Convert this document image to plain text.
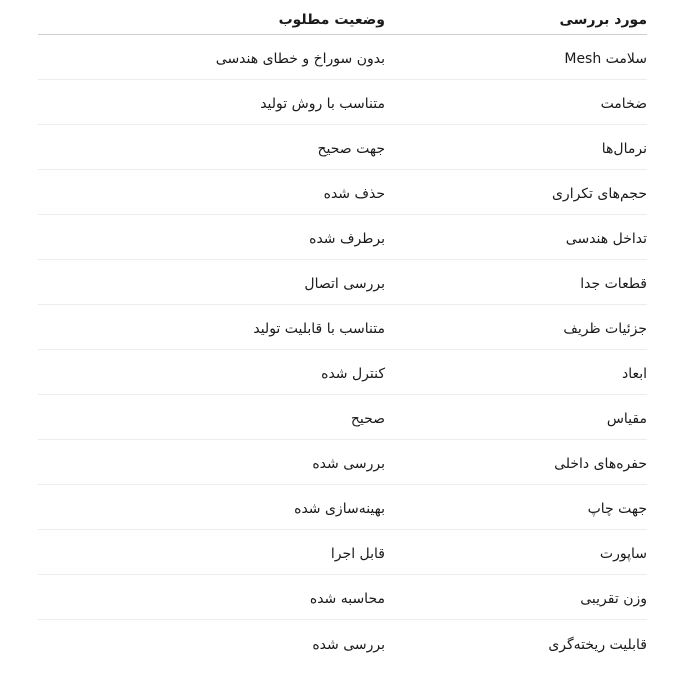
مورد بررسی
وضعیت مطلوب
سلامت Mesh
بدون سوراخ و خطای هندسی
ضخامت
متناسب با روش تولید
نرمال‌ها
جهت صحیح
حجم‌های تکراری
حذف شده
تداخل هندسی
برطرف شده
قطعات جدا
بررسی اتصال
جزئیات ظریف
متناسب با قابلیت تولید
ابعاد
کنترل شده
مقیاس
صحیح
حفره‌های داخلی
بررسی شده
جهت چاپ
بهینه‌سازی شده
ساپورت
قابل اجرا
وزن تقریبی
محاسبه شده
قابلیت ریخته‌گری
بررسی شده
